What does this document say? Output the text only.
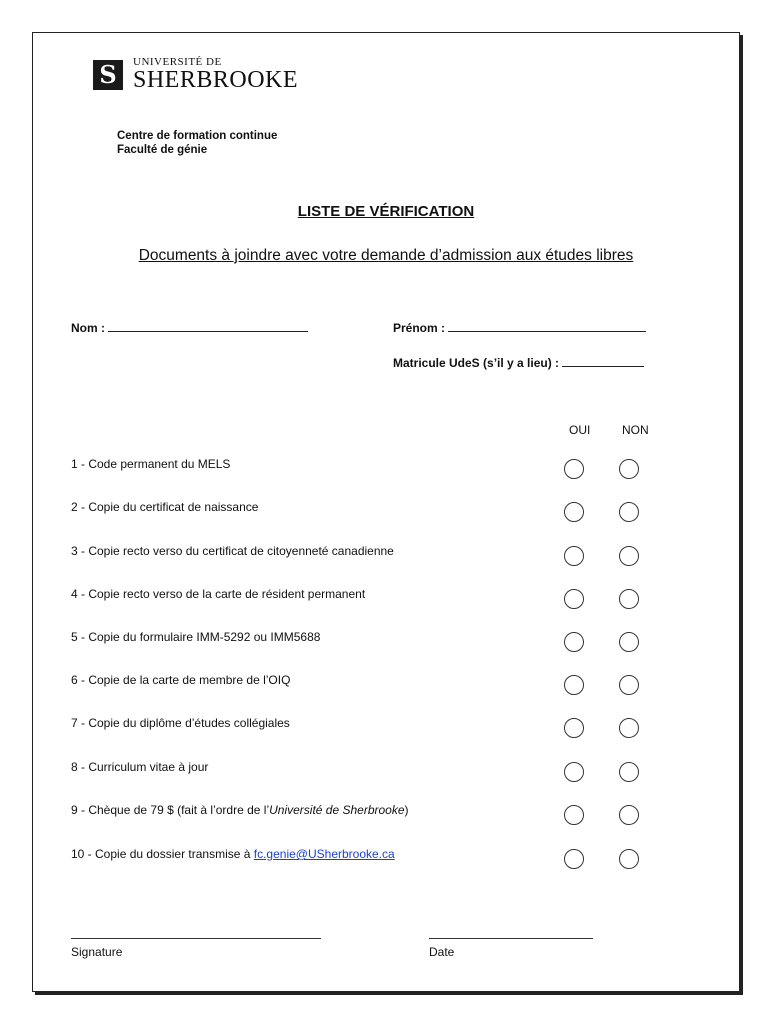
S	UNIVERSITÉ DE
SHERBROOKE
Centre de formation continue
Faculté de génie
LISTE DE VÉRIFICATION
Documents à joindre avec votre demande d’admission aux études libres
Nom :	Prénom :
Matricule UdeS (s’il y a lieu) :
OUI	NON
1 - Code permanent du MELS
2 - Copie du certificat de naissance
3 - Copie recto verso du certificat de citoyenneté canadienne
4 - Copie recto verso de la carte de résident permanent
5 - Copie du formulaire IMM-5292 ou IMM5688
6 - Copie de la carte de membre de l’OIQ
7 - Copie du diplôme d’études collégiales
8 - Curriculum vitae à jour
9 - Chèque de 79 $ (fait à l’ordre de l’Université de Sherbrooke)
10 - Copie du dossier transmise à fc.genie@USherbrooke.ca
Signature	Date
